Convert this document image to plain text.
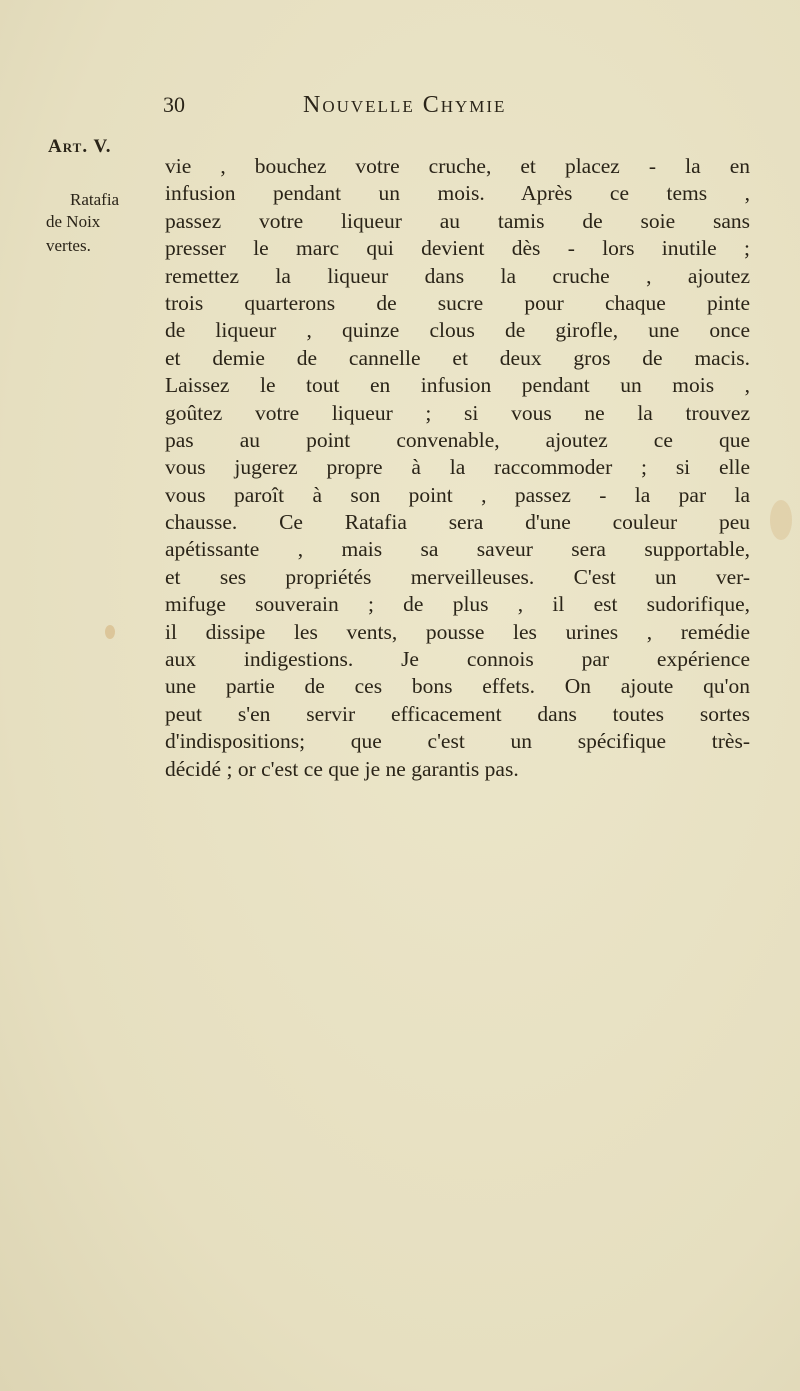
30	Nouvelle Chymie
Art. V.
Ratafia
de Noix
vertes.
vie , bouchez votre cruche, et placez - la en
infusion pendant un mois. Après ce tems ,
passez votre liqueur au tamis de soie sans
presser le marc qui devient dès - lors inutile ;
remettez la liqueur dans la cruche , ajoutez
trois quarterons de sucre pour chaque pinte
de liqueur , quinze clous de girofle, une once
et demie de cannelle et deux gros de macis.
Laissez le tout en infusion pendant un mois ,
goûtez votre liqueur ; si vous ne la trouvez
pas au point convenable, ajoutez ce que
vous jugerez propre à la raccommoder ; si elle
vous paroît à son point , passez - la par la
chausse. Ce Ratafia sera d'une couleur peu
apétissante , mais sa saveur sera supportable,
et ses propriétés merveilleuses. C'est un ver-
mifuge souverain ; de plus , il est sudorifique,
il dissipe les vents, pousse les urines , remédie
aux indigestions. Je connois par expérience
une partie de ces bons effets. On ajoute qu'on
peut s'en servir efficacement dans toutes sortes
d'indispositions; que c'est un spécifique très-
décidé ; or c'est ce que je ne garantis pas.
